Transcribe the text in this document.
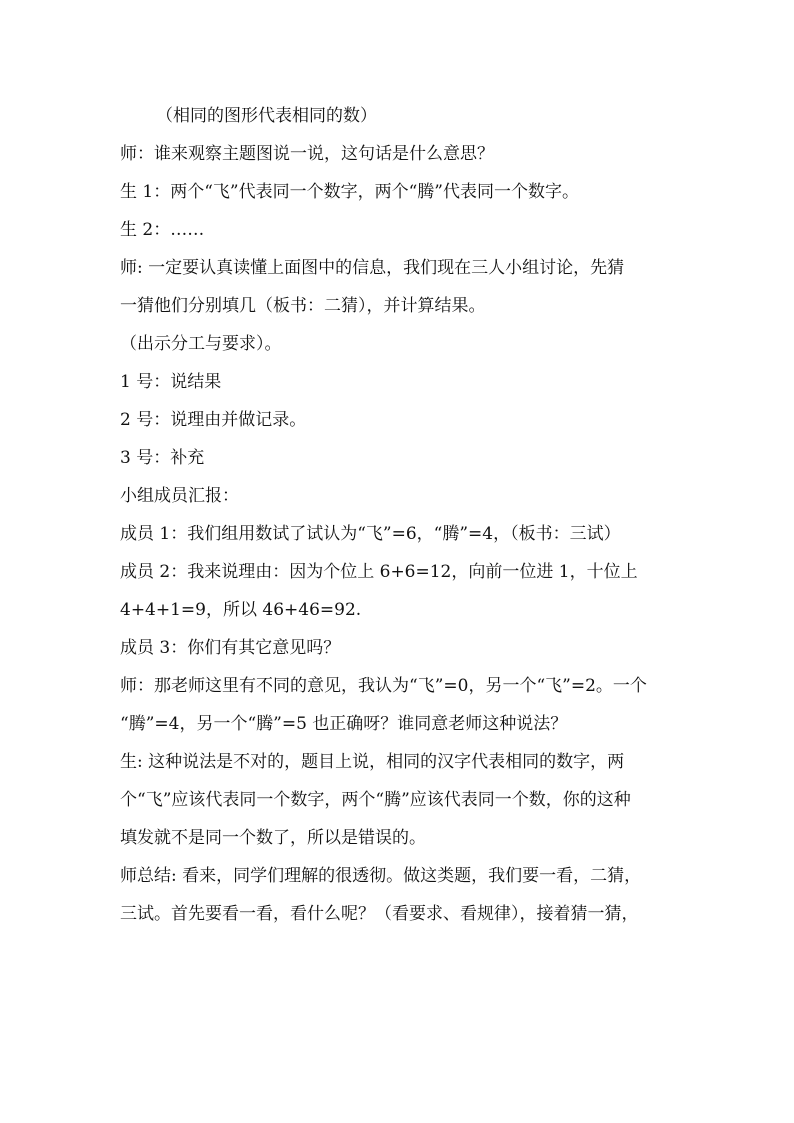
（相同的图形代表相同的数）

师：谁来观察主题图说一说，这句话是什么意思？

生 1：两个“飞”代表同一个数字，两个“腾”代表同一个数字。

生 2：……

师: 一定要认真读懂上面图中的信息，我们现在三人小组讨论，先猜

一猜他们分别填几（板书：二猜），并计算结果。

（出示分工与要求）。

1 号：说结果

2 号：说理由并做记录。

3 号：补充

小组成员汇报：

成员 1：我们组用数试了试认为“飞”=6，“腾”=4，（板书：三试）

成员 2：我来说理由：因为个位上 6+6=12，向前一位进 1，十位上

4+4+1=9，所以 46+46=92.

成员 3：你们有其它意见吗？

师：那老师这里有不同的意见，我认为“飞”=0，另一个“飞”=2。一个

“腾”=4，另一个“腾”=5 也正确呀？谁同意老师这种说法？

生: 这种说法是不对的，题目上说，相同的汉字代表相同的数字，两

个“飞”应该代表同一个数字，两个“腾”应该代表同一个数，你的这种

填发就不是同一个数了，所以是错误的。

师总结: 看来，同学们理解的很透彻。做这类题，我们要一看，二猜，

三试。首先要看一看，看什么呢？（看要求、看规律），接着猜一猜，
